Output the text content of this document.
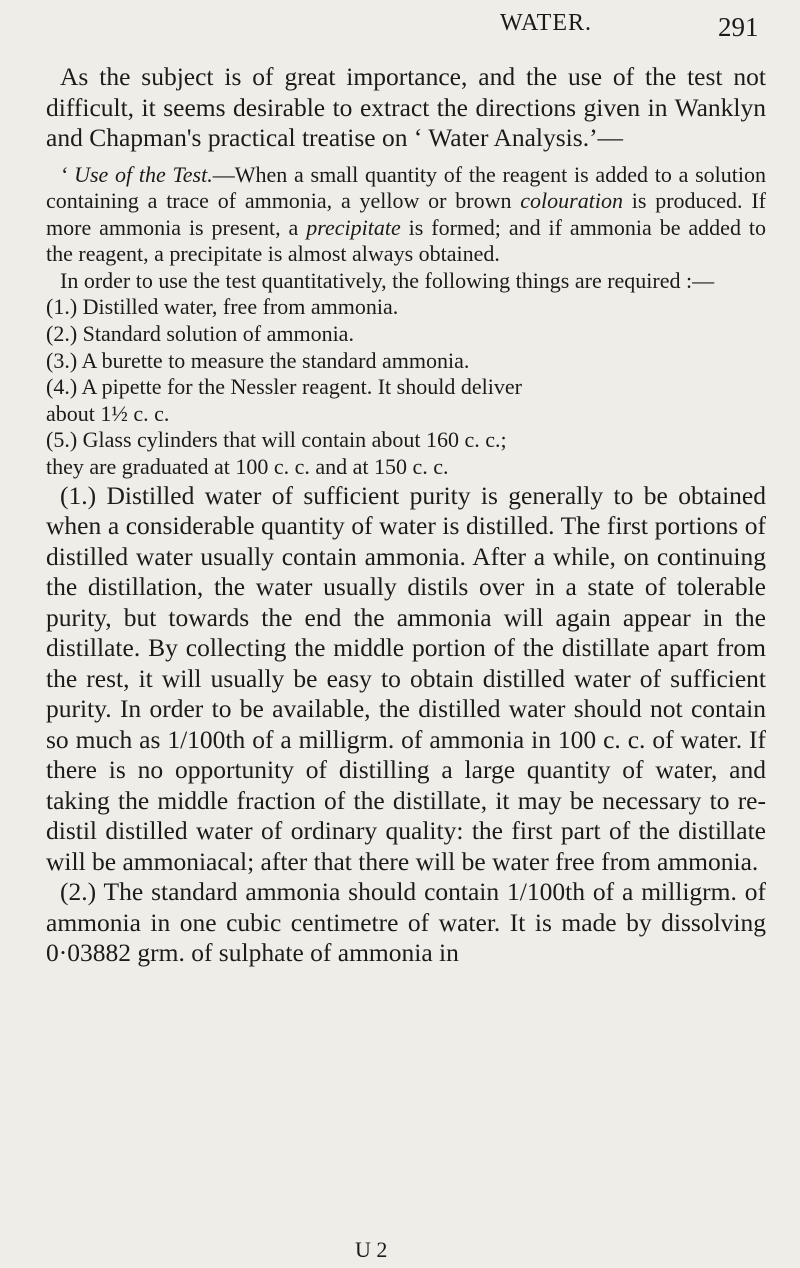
WATER.	291

As the subject is of great importance, and the use of the test not difficult, it seems desirable to extract the directions given in Wanklyn and Chapman's practical treatise on ‘ Water Analysis.’—

‘ Use of the Test.—When a small quantity of the reagent is added to a solution containing a trace of ammonia, a yellow or brown colouration is produced. If more ammonia is present, a precipitate is formed; and if ammonia be added to the reagent, a precipitate is almost always obtained.

In order to use the test quantitatively, the following things are required :—

(1.) Distilled water, free from ammonia.

(2.) Standard solution of ammonia.

(3.) A burette to measure the standard ammonia.

(4.) A pipette for the Nessler reagent. It should deliver

about 1½ c. c.

(5.) Glass cylinders that will contain about 160 c. c.;

they are graduated at 100 c. c. and at 150 c. c.

(1.) Distilled water of sufficient purity is generally to be obtained when a considerable quantity of water is distilled. The first portions of distilled water usually contain ammonia. After a while, on continuing the distillation, the water usually distils over in a state of tolerable purity, but towards the end the ammonia will again appear in the distillate. By collecting the middle portion of the distillate apart from the rest, it will usually be easy to obtain distilled water of sufficient purity. In order to be available, the distilled water should not contain so much as 1/100th of a milligrm. of ammonia in 100 c. c. of water. If there is no opportunity of distilling a large quantity of water, and taking the middle fraction of the distillate, it may be necessary to re-distil distilled water of ordinary quality: the first part of the distillate will be ammoniacal; after that there will be water free from ammonia.

(2.) The standard ammonia should contain 1/100th of a milligrm. of ammonia in one cubic centimetre of water. It is made by dissolving 0·03882 grm. of sulphate of ammonia in

U 2
